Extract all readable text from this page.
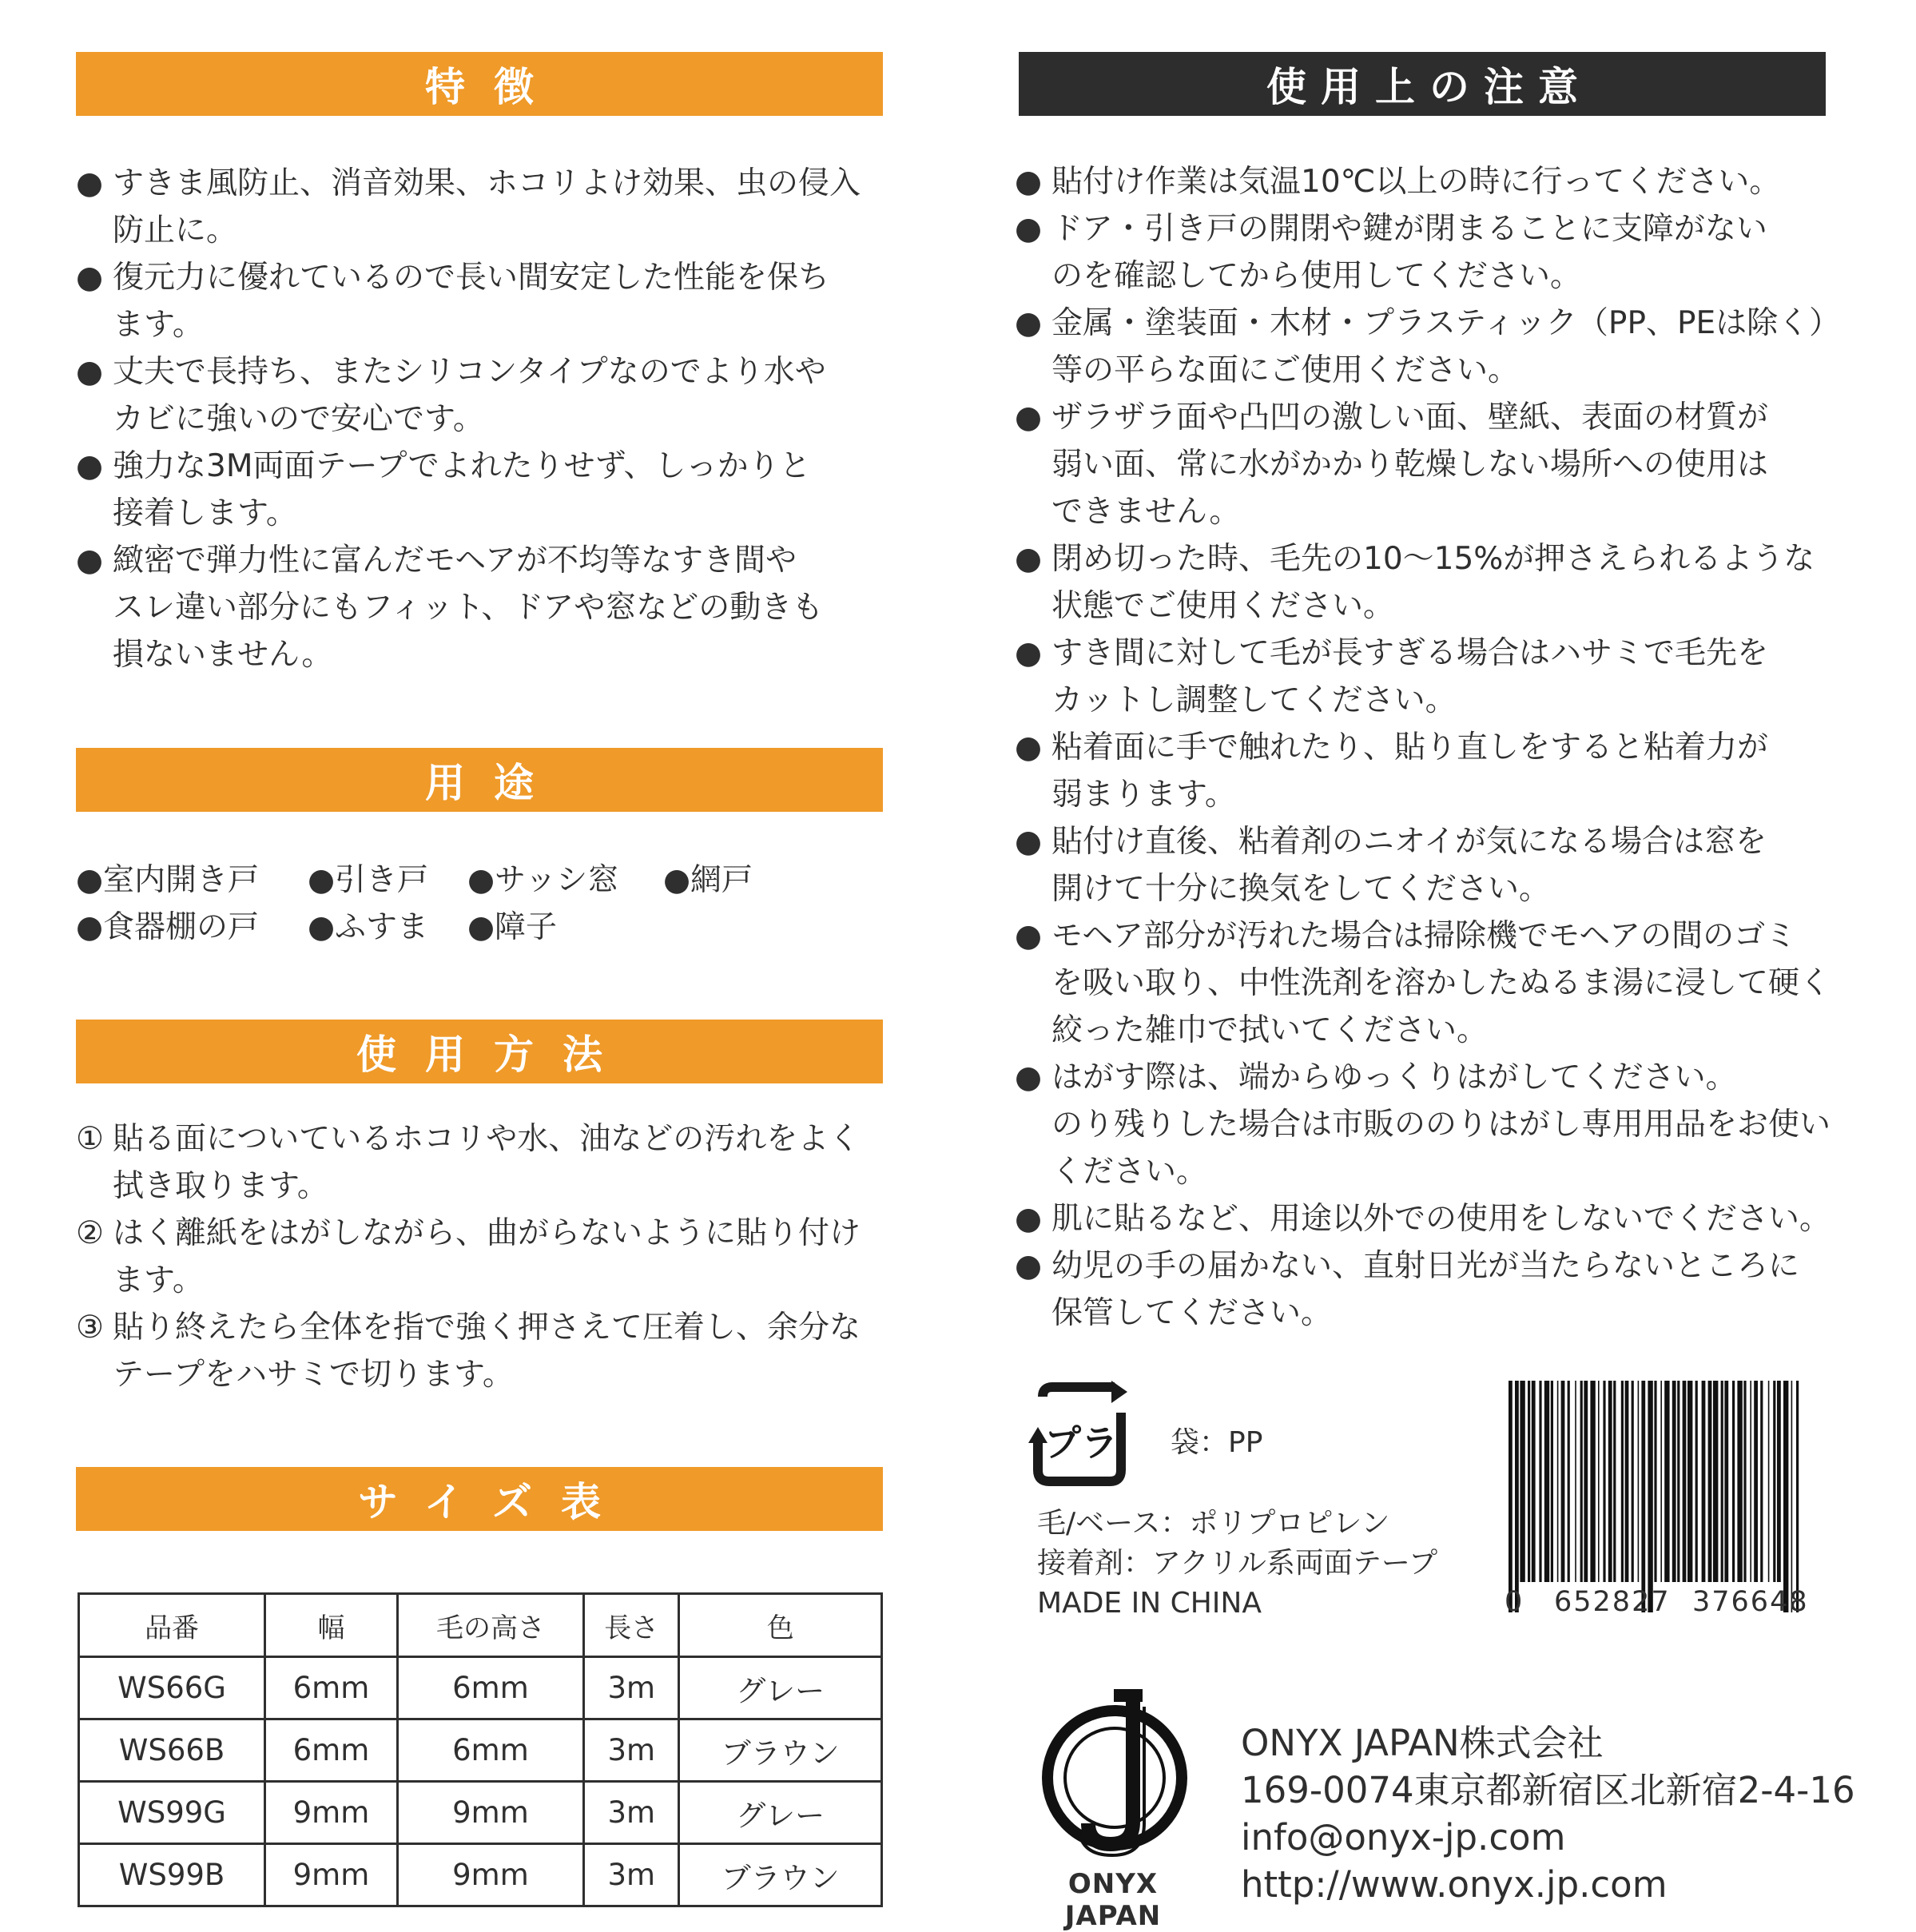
特徴
● すきま風防止、消音効果、ホコリよけ効果、虫の侵入
防止に。
● 復元力に優れているので長い間安定した性能を保ち
ます。
● 丈夫で長持ち、またシリコンタイプなのでより水や
カビに強いので安心です。
● 強力な3M両面テープでよれたりせず、しっかりと
接着します。
● 緻密で弾力性に富んだモヘアが不均等なすき間や
スレ違い部分にもフィット、ドアや窓などの動きも
損ないません。
用途
●室内開き戸	●引き戸	●サッシ窓	●網戸
●食器棚の戸	●ふすま	●障子
使用方法
① 貼る面についているホコリや水、油などの汚れをよく
拭き取ります。
② はく離紙をはがしながら、曲がらないように貼り付け
ます。
③ 貼り終えたら全体を指で強く押さえて圧着し、余分な
テープをハサミで切ります。
サイズ表
品番	幅	毛の高さ	長さ	色
WS66G	6mm	6mm	3m	グレー
WS66B	6mm	6mm	3m	ブラウン
WS99G	9mm	9mm	3m	グレー
WS99B	9mm	9mm	3m	ブラウン
使用上の注意
● 貼付け作業は気温10℃以上の時に行ってください。
● ドア・引き戸の開閉や鍵が閉まることに支障がない
のを確認してから使用してください。
● 金属・塗装面・木材・プラスティック（PP、PEは除く）
等の平らな面にご使用ください。
● ザラザラ面や凸凹の激しい面、壁紙、表面の材質が
弱い面、常に水がかかり乾燥しない場所への使用は
できません。
● 閉め切った時、毛先の10～15%が押さえられるような
状態でご使用ください。
● すき間に対して毛が長すぎる場合はハサミで毛先を
カットし調整してください。
● 粘着面に手で触れたり、貼り直しをすると粘着力が
弱まります。
● 貼付け直後、粘着剤のニオイが気になる場合は窓を
開けて十分に換気をしてください。
● モヘア部分が汚れた場合は掃除機でモヘアの間のゴミ
を吸い取り、中性洗剤を溶かしたぬるま湯に浸して硬く
絞った雑巾で拭いてください。
● はがす際は、端からゆっくりはがしてください。
のり残りした場合は市販ののりはがし専用用品をお使い
ください。
● 肌に貼るなど、用途以外での使用をしないでください。
● 幼児の手の届かない、直射日光が当たらないところに
保管してください。
プラ 袋：PP
毛/ベース：ポリプロピレン
接着剤：アクリル系両面テープ
MADE IN CHINA	0 652827 376648
ONYX JAPAN
ONYX JAPAN株式会社
169-0074東京都新宿区北新宿2-4-16
info@onyx-jp.com
http://www.onyx.jp.com
